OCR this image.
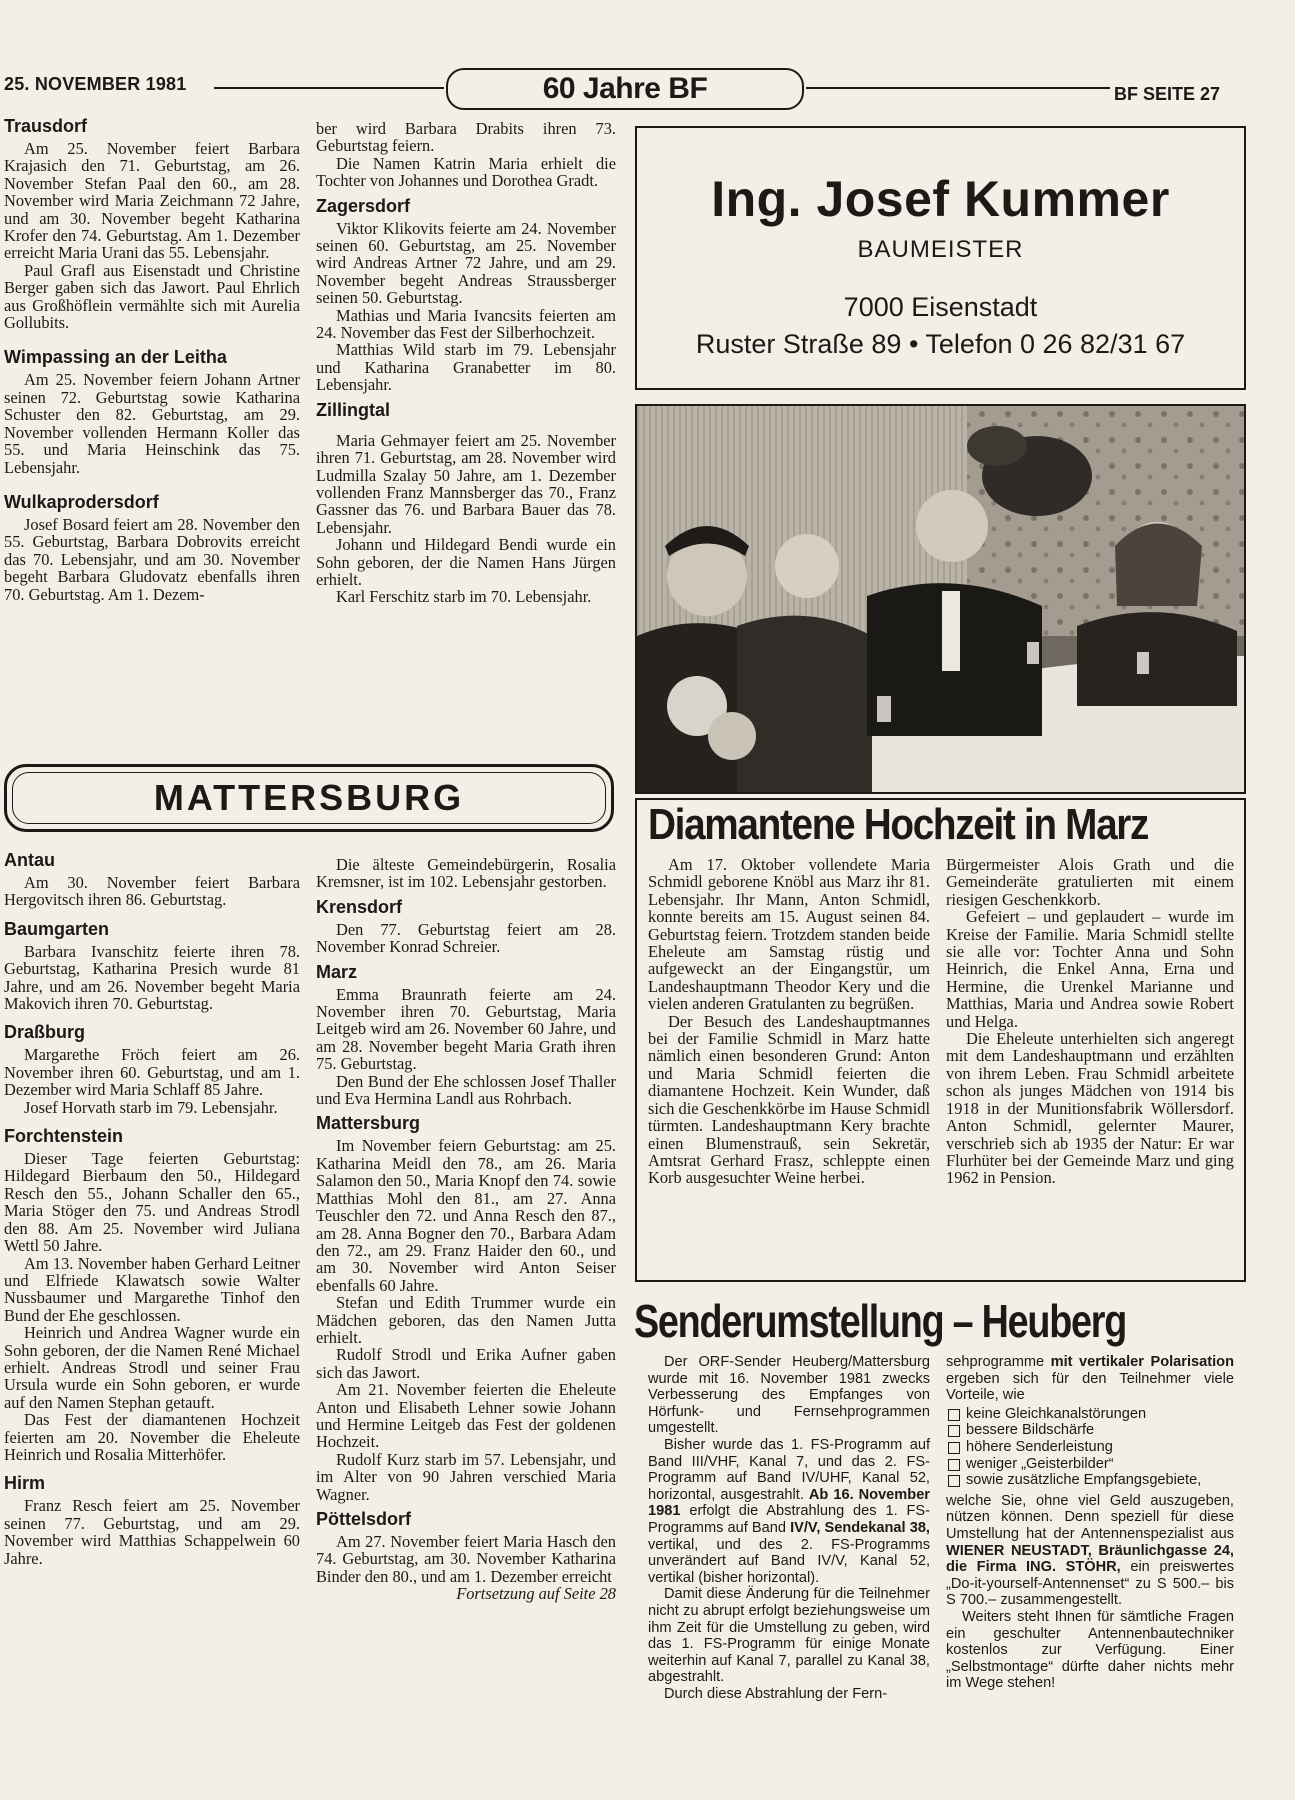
25. NOVEMBER 1981	60 Jahre BF	BF SEITE 27
Trausdorf

Am 25. November feiert Barbara Krajasich den 71. Geburtstag, am 26. November Stefan Paal den 60., am 28. November wird Maria Zeichmann 72 Jahre, und am 30. November begeht Katharina Krofer den 74. Geburtstag. Am 1. Dezember erreicht Maria Urani das 55. Lebensjahr.

Paul Grafl aus Eisenstadt und Christine Berger gaben sich das Jawort. Paul Ehrlich aus Großhöflein vermählte sich mit Aurelia Gollubits.

Wimpassing an der Leitha

Am 25. November feiern Johann Artner seinen 72. Geburtstag sowie Katharina Schuster den 82. Geburtstag, am 29. November vollenden Hermann Koller das 55. und Maria Heinschink das 75. Lebensjahr.

Wulkaprodersdorf

Josef Bosard feiert am 28. November den 55. Geburtstag, Barbara Dobrovits erreicht das 70. Lebensjahr, und am 30. November begeht Barbara Gludovatz ebenfalls ihren 70. Geburtstag. Am 1. Dezem-

ber wird Barbara Drabits ihren 73. Geburtstag feiern.

Die Namen Katrin Maria erhielt die Tochter von Johannes und Dorothea Gradt.

Zagersdorf

Viktor Klikovits feierte am 24. November seinen 60. Geburtstag, am 25. November wird Andreas Artner 72 Jahre, und am 29. November begeht Andreas Straussberger seinen 50. Geburtstag.

Mathias und Maria Ivancsits feierten am 24. November das Fest der Silberhochzeit.

Matthias Wild starb im 79. Lebensjahr und Katharina Granabetter im 80. Lebensjahr.

Zillingtal

Maria Gehmayer feiert am 25. November ihren 71. Geburtstag, am 28. November wird Ludmilla Szalay 50 Jahre, am 1. Dezember vollenden Franz Mannsberger das 70., Franz Gassner das 76. und Barbara Bauer das 78. Lebensjahr.

Johann und Hildegard Bendi wurde ein Sohn geboren, der die Namen Hans Jürgen erhielt.

Karl Ferschitz starb im 70. Lebensjahr.

Ing. Josef Kummer
BAUMEISTER
7000 Eisenstadt
Ruster Straße 89 • Telefon 0 26 82/31 67
MATTERSBURG
Antau

Am 30. November feiert Barbara Hergovitsch ihren 86. Geburtstag.

Baumgarten

Barbara Ivanschitz feierte ihren 78. Geburtstag, Katharina Presich wurde 81 Jahre, und am 26. November begeht Maria Makovich ihren 70. Geburtstag.

Draßburg

Margarethe Fröch feiert am 26. November ihren 60. Geburtstag, und am 1. Dezember wird Maria Schlaff 85 Jahre.

Josef Horvath starb im 79. Lebensjahr.

Forchtenstein

Dieser Tage feierten Geburtstag: Hildegard Bierbaum den 50., Hildegard Resch den 55., Johann Schaller den 65., Maria Stöger den 75. und Andreas Strodl den 88. Am 25. November wird Juliana Wettl 50 Jahre.

Am 13. November haben Gerhard Leitner und Elfriede Klawatsch sowie Walter Nussbaumer und Margarethe Tinhof den Bund der Ehe geschlossen.

Heinrich und Andrea Wagner wurde ein Sohn geboren, der die Namen René Michael erhielt. Andreas Strodl und seiner Frau Ursula wurde ein Sohn geboren, er wurde auf den Namen Stephan getauft.

Das Fest der diamantenen Hochzeit feierten am 20. November die Eheleute Heinrich und Rosalia Mitterhöfer.

Hirm

Franz Resch feiert am 25. November seinen 77. Geburtstag, und am 29. November wird Matthias Schappelwein 60 Jahre.

Die älteste Gemeindebürgerin, Rosalia Kremsner, ist im 102. Lebensjahr gestorben.

Krensdorf

Den 77. Geburtstag feiert am 28. November Konrad Schreier.

Marz

Emma Braunrath feierte am 24. November ihren 70. Geburtstag, Maria Leitgeb wird am 26. November 60 Jahre, und am 28. November begeht Maria Grath ihren 75. Geburtstag.

Den Bund der Ehe schlossen Josef Thaller und Eva Hermina Landl aus Rohrbach.

Mattersburg

Im November feiern Geburtstag: am 25. Katharina Meidl den 78., am 26. Maria Salamon den 50., Maria Knopf den 74. sowie Matthias Mohl den 81., am 27. Anna Teuschler den 72. und Anna Resch den 87., am 28. Anna Bogner den 70., Barbara Adam den 72., am 29. Franz Haider den 60., und am 30. November wird Anton Seiser ebenfalls 60 Jahre.

Stefan und Edith Trummer wurde ein Mädchen geboren, das den Namen Jutta erhielt.

Rudolf Strodl und Erika Aufner gaben sich das Jawort.

Am 21. November feierten die Eheleute Anton und Elisabeth Lehner sowie Johann und Hermine Leitgeb das Fest der goldenen Hochzeit.

Rudolf Kurz starb im 57. Lebensjahr, und im Alter von 90 Jahren verschied Maria Wagner.

Pöttelsdorf

Am 27. November feiert Maria Hasch den 74. Geburtstag, am 30. November Katharina Binder den 80., und am 1. Dezember erreicht

Fortsetzung auf Seite 28

Diamantene Hochzeit in Marz

Am 17. Oktober vollendete Maria Schmidl geborene Knöbl aus Marz ihr 81. Lebensjahr. Ihr Mann, Anton Schmidl, konnte bereits am 15. August seinen 84. Geburtstag feiern. Trotzdem standen beide Eheleute am Samstag rüstig und aufgeweckt an der Eingangstür, um Landeshauptmann Theodor Kery und die vielen anderen Gratulanten zu begrüßen.

Der Besuch des Landeshauptmannes bei der Familie Schmidl in Marz hatte nämlich einen besonderen Grund: Anton und Maria Schmidl feierten die diamantene Hochzeit. Kein Wunder, daß sich die Geschenkkörbe im Hause Schmidl türmten. Landeshauptmann Kery brachte einen Blumenstrauß, sein Sekretär, Amtsrat Gerhard Frasz, schleppte einen Korb ausgesuchter Weine herbei.

Bürgermeister Alois Grath und die Gemeinderäte gratulierten mit einem riesigen Geschenkkorb.

Gefeiert – und geplaudert – wurde im Kreise der Familie. Maria Schmidl stellte sie alle vor: Tochter Anna und Sohn Heinrich, die Enkel Anna, Erna und Hermine, die Urenkel Marianne und Matthias, Maria und Andrea sowie Robert und Helga.

Die Eheleute unterhielten sich angeregt mit dem Landeshauptmann und erzählten von ihrem Leben. Frau Schmidl arbeitete schon als junges Mädchen von 1914 bis 1918 in der Munitionsfabrik Wöllersdorf. Anton Schmidl, gelernter Maurer, verschrieb sich ab 1935 der Natur: Er war Flurhüter bei der Gemeinde Marz und ging 1962 in Pension.

Senderumstellung – Heuberg

Der ORF-Sender Heuberg/Mattersburg wurde mit 16. November 1981 zwecks Verbesserung des Empfanges von Hörfunk- und Fernsehprogrammen umgestellt.

Bisher wurde das 1. FS-Programm auf Band III/VHF, Kanal 7, und das 2. FS-Programm auf Band IV/UHF, Kanal 52, horizontal, ausgestrahlt. Ab 16. November 1981 erfolgt die Abstrahlung des 1. FS-Programms auf Band IV/V, Sendekanal 38, vertikal, und des 2. FS-Programms unverändert auf Band IV/V, Kanal 52, vertikal (bisher horizontal).

Damit diese Änderung für die Teilnehmer nicht zu abrupt erfolgt beziehungsweise um ihm Zeit für die Umstellung zu geben, wird das 1. FS-Programm für einige Monate weiterhin auf Kanal 7, parallel zu Kanal 38, abgestrahlt.

Durch diese Abstrahlung der Fern-

sehprogramme mit vertikaler Polarisation ergeben sich für den Teilnehmer viele Vorteile, wie

keine Gleichkanalstörungen
bessere Bildschärfe
höhere Senderleistung
weniger „Geisterbilder“
sowie zusätzliche Empfangsgebiete,

welche Sie, ohne viel Geld auszugeben, nützen können. Denn speziell für diese Umstellung hat der Antennenspezialist aus WIENER NEUSTADT, Bräunlichgasse 24, die Firma ING. STÖHR, ein preiswertes „Do-it-yourself-Antennenset“ zu S 500.– bis S 700.– zusammengestellt.

Weiters steht Ihnen für sämtliche Fragen ein geschulter Antennenbautechniker kostenlos zur Verfügung. Einer „Selbstmontage“ dürfte daher nichts mehr im Wege stehen!
